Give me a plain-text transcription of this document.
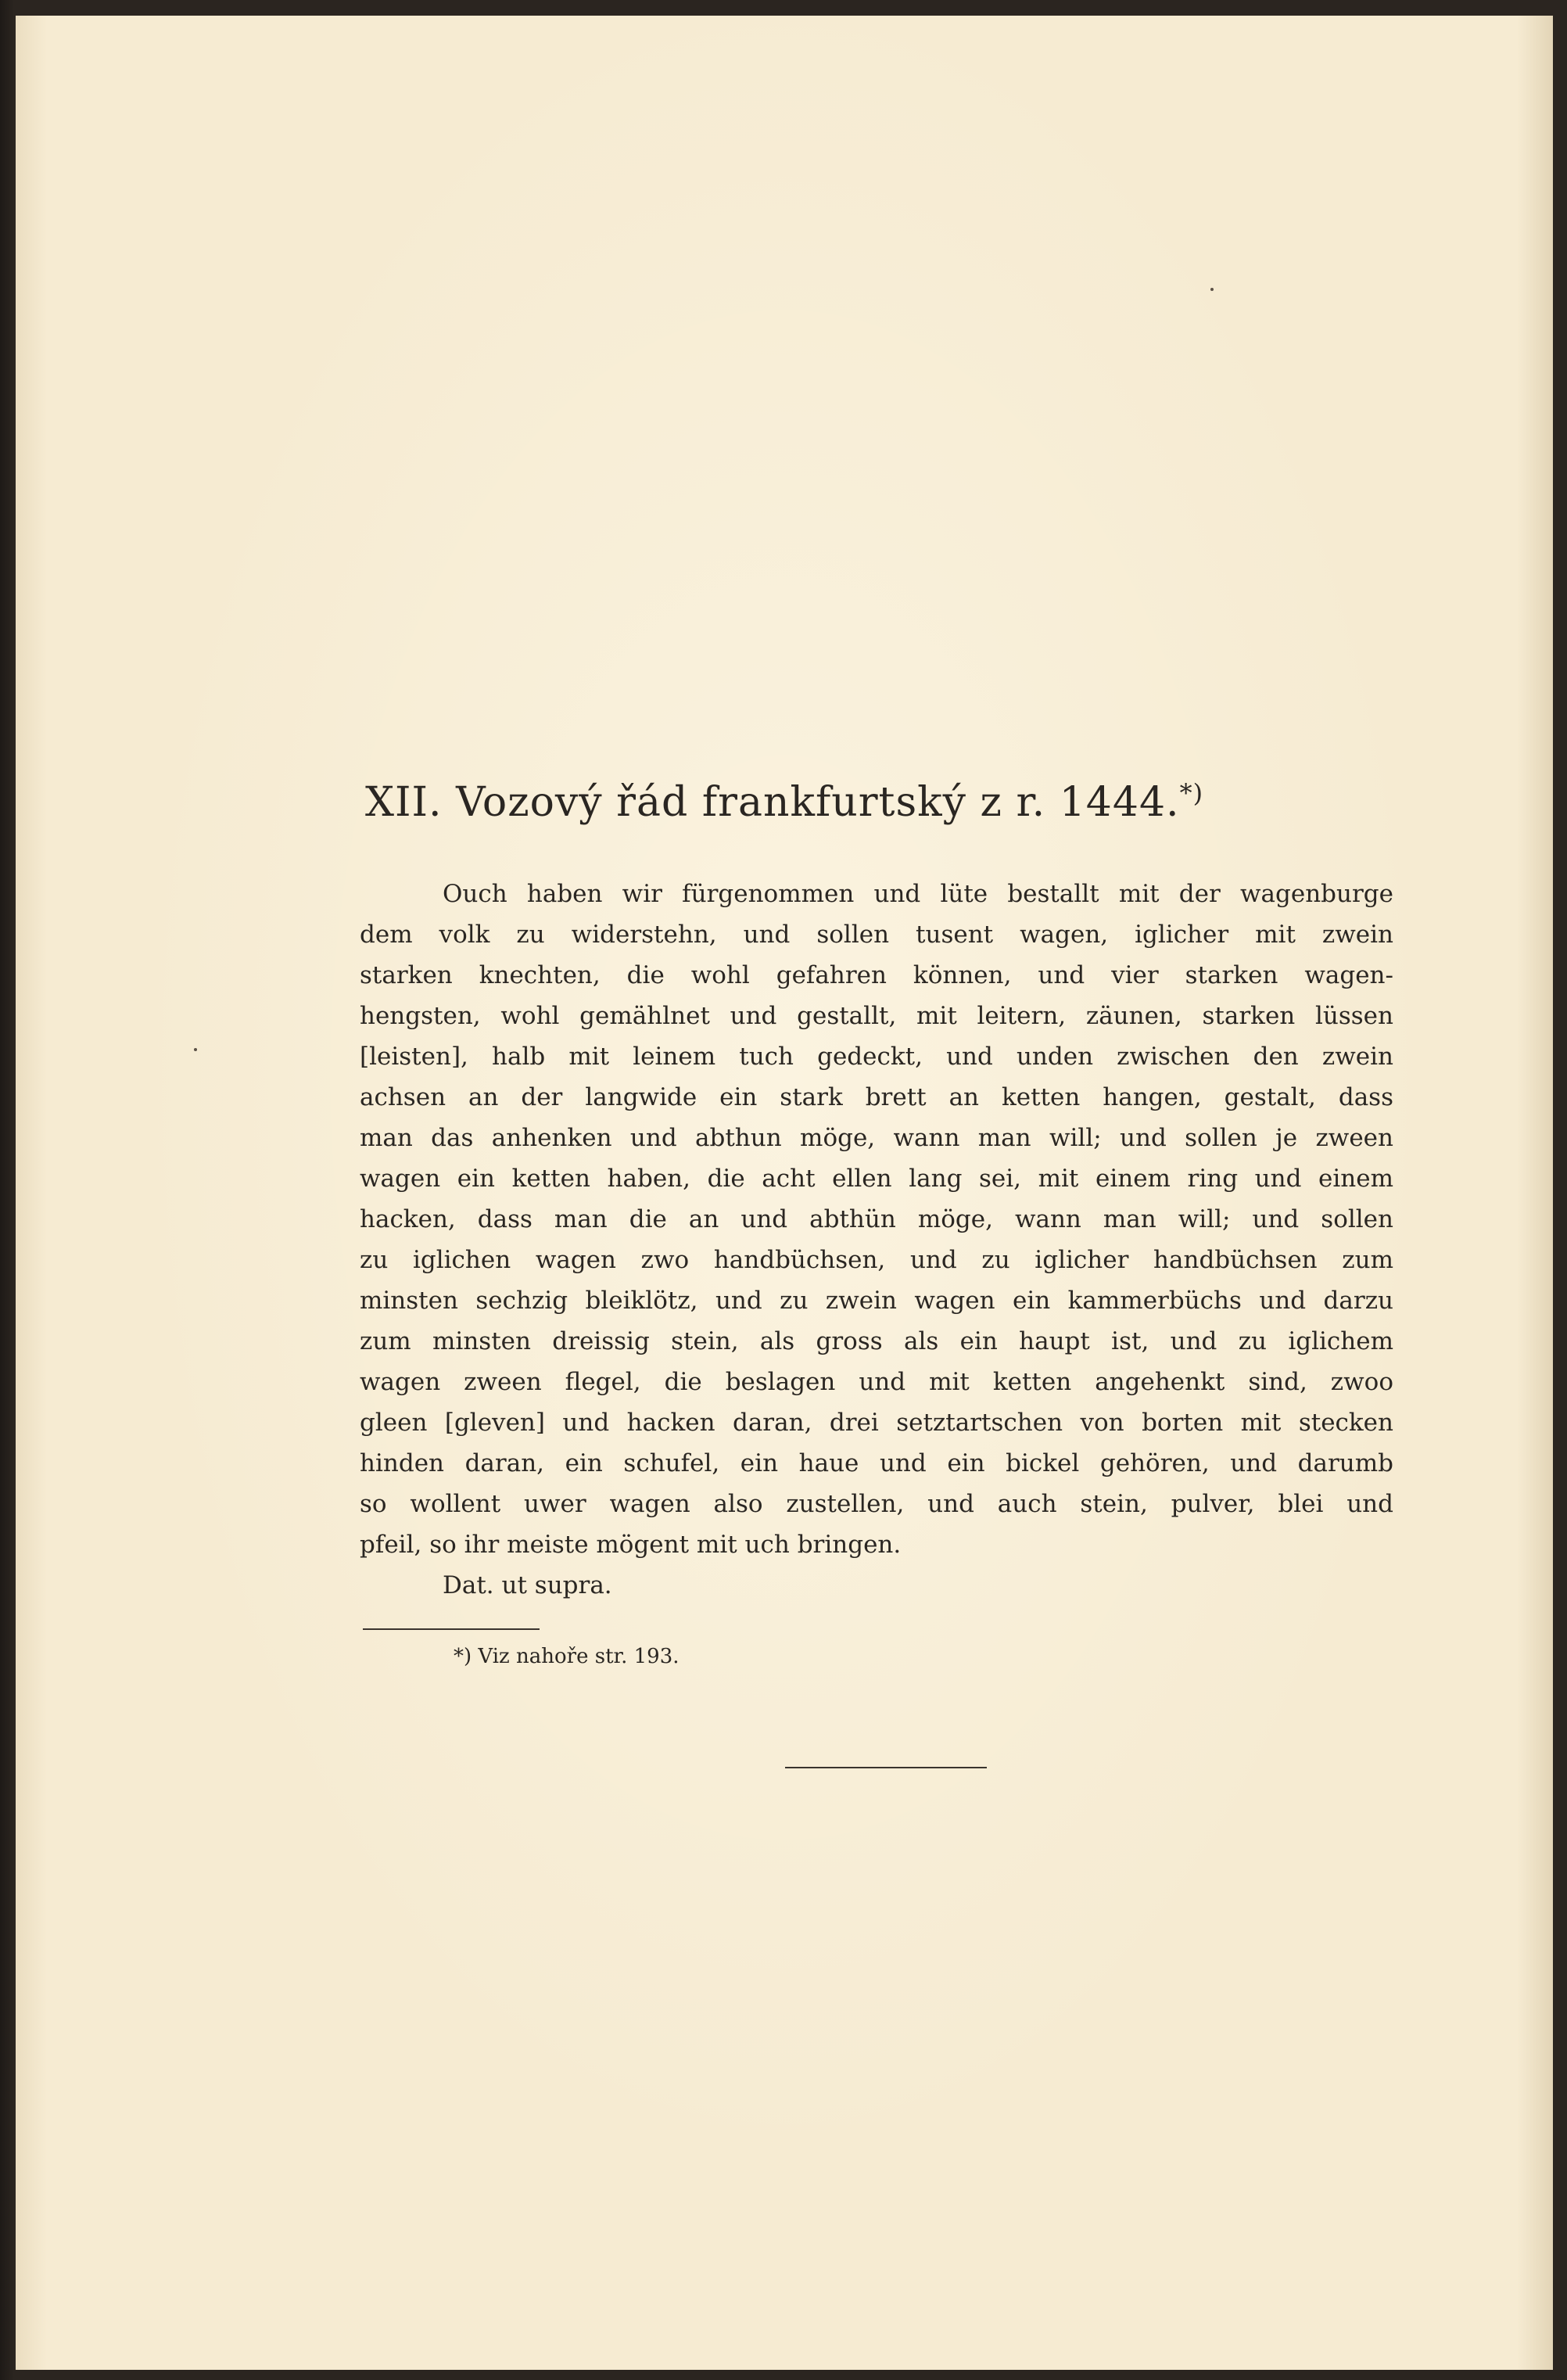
XII. Vozový řád frankfurtský z r. 1444.*)
Ouch haben wir fürgenommen und lüte bestallt mit der wagenburge
dem volk zu widerstehn, und sollen tusent wagen, iglicher mit zwein
starken knechten, die wohl gefahren können, und vier starken wagen-
hengsten, wohl gemählnet und gestallt, mit leitern, zäunen, starken lüssen
[leisten], halb mit leinem tuch gedeckt, und unden zwischen den zwein
achsen an der langwide ein stark brett an ketten hangen, gestalt, dass
man das anhenken und abthun möge, wann man will; und sollen je zween
wagen ein ketten haben, die acht ellen lang sei, mit einem ring und einem
hacken, dass man die an und abthün möge, wann man will; und sollen
zu iglichen wagen zwo handbüchsen, und zu iglicher handbüchsen zum
minsten sechzig bleiklötz, und zu zwein wagen ein kammerbüchs und darzu
zum minsten dreissig stein, als gross als ein haupt ist, und zu iglichem
wagen zween flegel, die beslagen und mit ketten angehenkt sind, zwoo
gleen [gleven] und hacken daran, drei setztartschen von borten mit stecken
hinden daran, ein schufel, ein haue und ein bickel gehören, und darumb
so wollent uwer wagen also zustellen, und auch stein, pulver, blei und
pfeil, so ihr meiste mögent mit uch bringen.
Dat. ut supra.
*) Viz nahoře str. 193.
